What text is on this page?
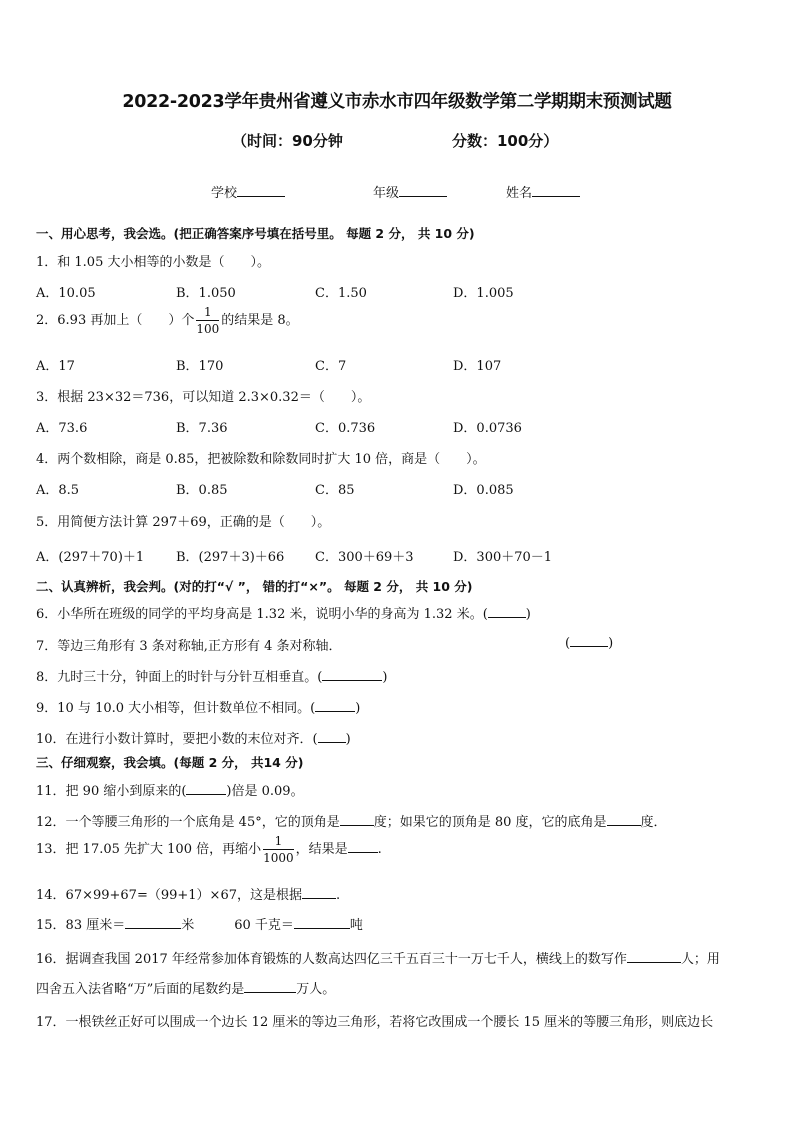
2022-2023学年贵州省遵义市赤水市四年级数学第二学期期末预测试题
（时间：90分钟	分数：100分）
学校	年级	姓名
一、用心思考，我会选。(把正确答案序号填在括号里。 每题 2 分， 共 10 分)
1．和 1.05 大小相等的小数是（　　）。
A．10.05	B．1.050	C．1.50	D．1.005
2．6.93 再加上（　　）个 $\frac{1}{100}$ 的结果是 8。
A．17	B．170	C．7	D．107
3．根据 23×32＝736，可以知道 2.3×0.32＝（　　）。
A．73.6	B．7.36	C．0.736	D．0.0736
4．两个数相除，商是 0.85，把被除数和除数同时扩大 10 倍，商是（　　）。
A．8.5	B．0.85	C．85	D．0.085
5．用简便方法计算 297＋69，正确的是（　　）。
A．(297＋70)＋1 B．(297＋3)＋66 C．300＋69＋3	D．300＋70－1
二、认真辨析，我会判。(对的打“√ ”， 错的打“×”。 每题 2 分， 共 10 分)
6．小华所在班级的同学的平均身高是 1.32 米，说明小华的身高为 1.32 米。(	)
7．等边三角形有 3 条对称轴,正方形有 4 条对称轴．	(	)
8．九时三十分，钟面上的时针与分针互相垂直。(	)
9．10 与 10.0 大小相等，但计数单位不相同。(	)
10．在进行小数计算时，要把小数的末位对齐．( )
三、仔细观察，我会填。(每题 2 分， 共14 分)
11．把 90 缩小到原来的(	)倍是 0.09。
12．一个等腰三角形的一个底角是 45°，它的顶角是	度；如果它的顶角是 80 度，它的底角是	度．
13．把 17.05 先扩大 100 倍，再缩小 $\frac{1}{1000}$ ，结果是 .
14．67×99+67=（99+1）×67，这是根据	.
15．83 厘米＝	米	60 千克＝	吨
16．据调查我国 2017 年经常参加体育锻炼的人数高达四亿三千五百三十一万七千人，横线上的数写作	人；用
四舍五入法省略“万”后面的尾数约是	万人。
17．一根铁丝正好可以围成一个边长 12 厘米的等边三角形，若将它改围成一个腰长 15 厘米的等腰三角形，则底边长
